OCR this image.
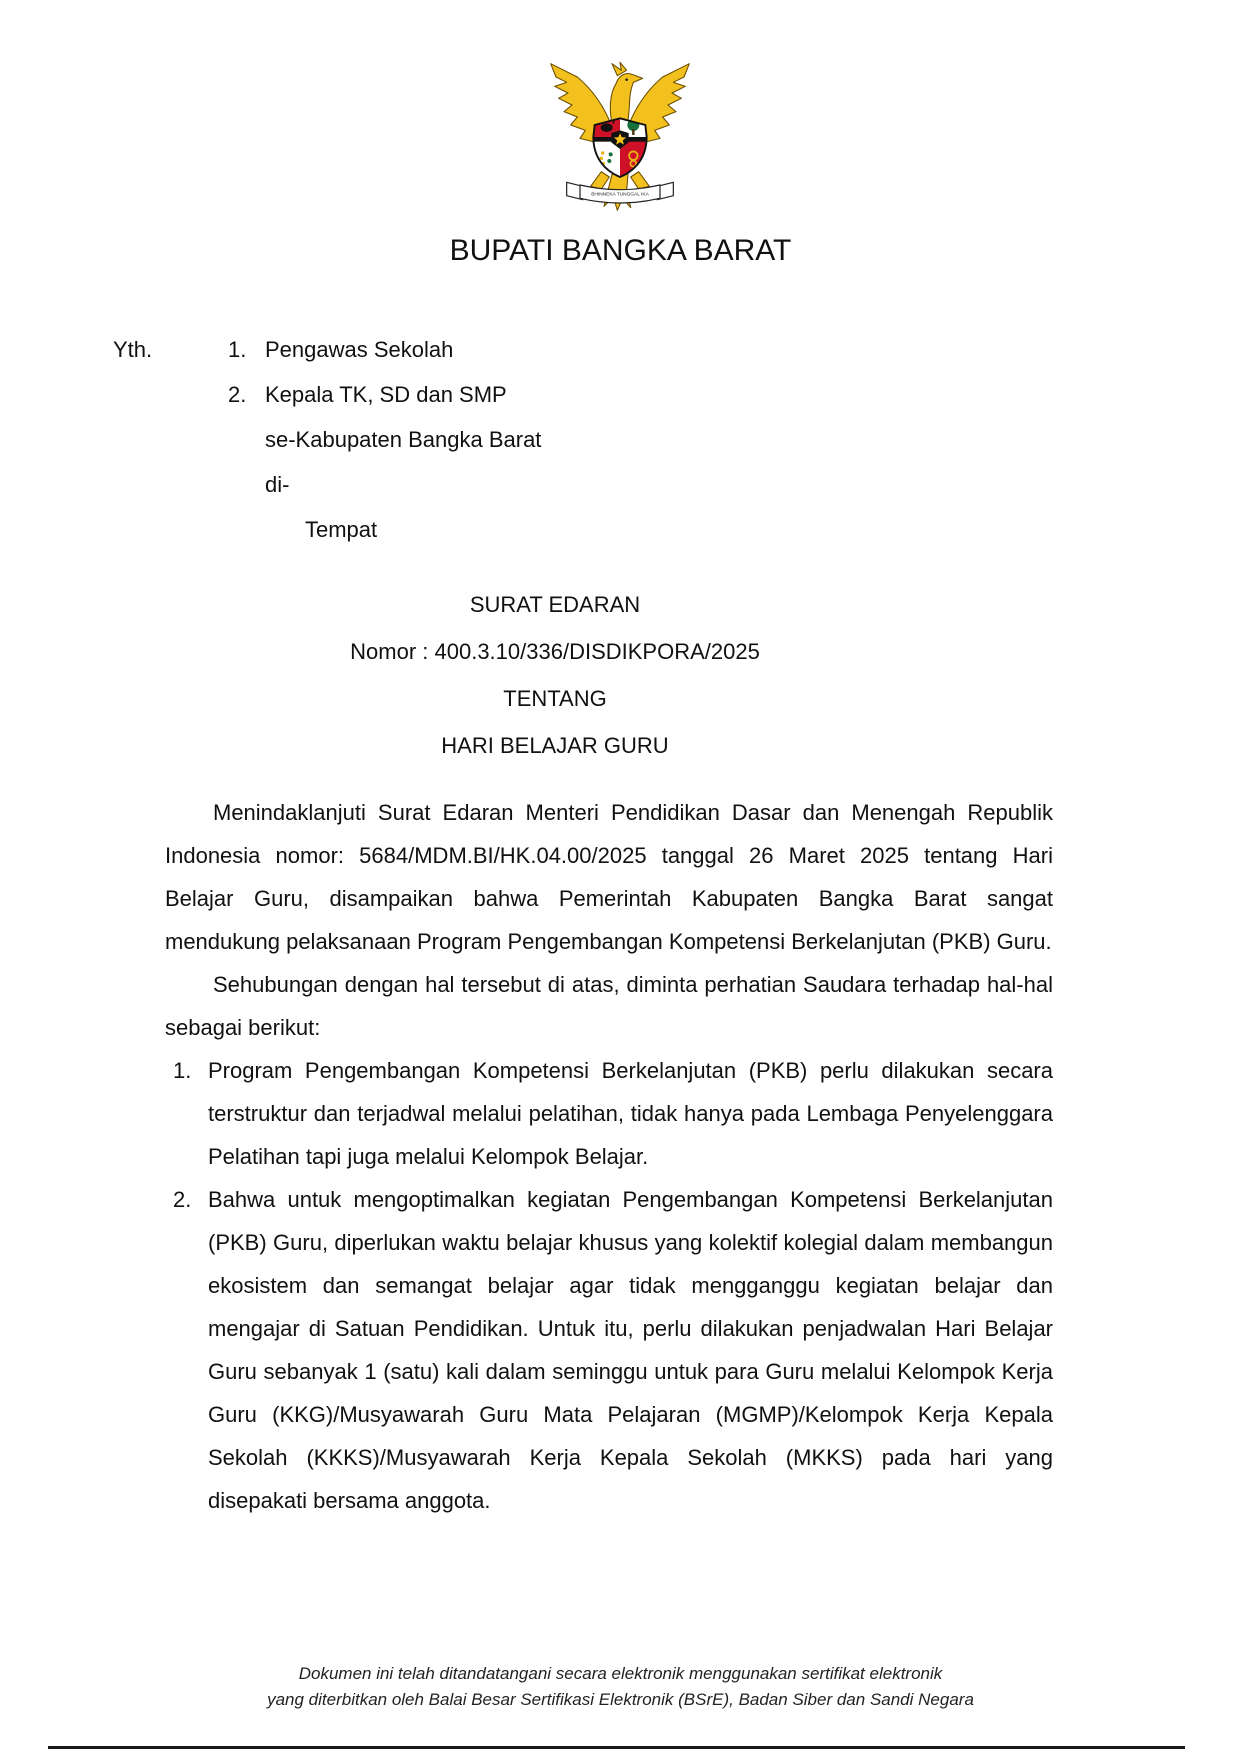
BHINNEKA TUNGGAL IKA
BUPATI BANGKA BARAT
Yth.	1. Pengawas Sekolah
2. Kepala TK, SD dan SMP
se-Kabupaten Bangka Barat
di-
Tempat
SURAT EDARAN
Nomor : 400.3.10/336/DISDIKPORA/2025
TENTANG
HARI BELAJAR GURU

Menindaklanjuti Surat Edaran Menteri Pendidikan Dasar dan Menengah Republik Indonesia nomor: 5684/MDM.BI/HK.04.00/2025 tanggal 26 Maret 2025 tentang Hari Belajar Guru, disampaikan bahwa Pemerintah Kabupaten Bangka Barat sangat mendukung pelaksanaan Program Pengembangan Kompetensi Berkelanjutan (PKB) Guru.

Sehubungan dengan hal tersebut di atas, diminta perhatian Saudara terhadap hal-hal sebagai berikut:

1. Program Pengembangan Kompetensi Berkelanjutan (PKB) perlu dilakukan secara terstruktur dan terjadwal melalui pelatihan, tidak hanya pada Lembaga Penyelenggara Pelatihan tapi juga melalui Kelompok Belajar.
2. Bahwa untuk mengoptimalkan kegiatan Pengembangan Kompetensi Berkelanjutan (PKB) Guru, diperlukan waktu belajar khusus yang kolektif kolegial dalam membangun ekosistem dan semangat belajar agar tidak mengganggu kegiatan belajar dan mengajar di Satuan Pendidikan. Untuk itu, perlu dilakukan penjadwalan Hari Belajar Guru sebanyak 1 (satu) kali dalam seminggu untuk para Guru melalui Kelompok Kerja Guru (KKG)/Musyawarah Guru Mata Pelajaran (MGMP)/Kelompok Kerja Kepala Sekolah (KKKS)/Musyawarah Kerja Kepala Sekolah (MKKS) pada hari yang disepakati bersama anggota.
Dokumen ini telah ditandatangani secara elektronik menggunakan sertifikat elektronik
yang diterbitkan oleh Balai Besar Sertifikasi Elektronik (BSrE), Badan Siber dan Sandi Negara
